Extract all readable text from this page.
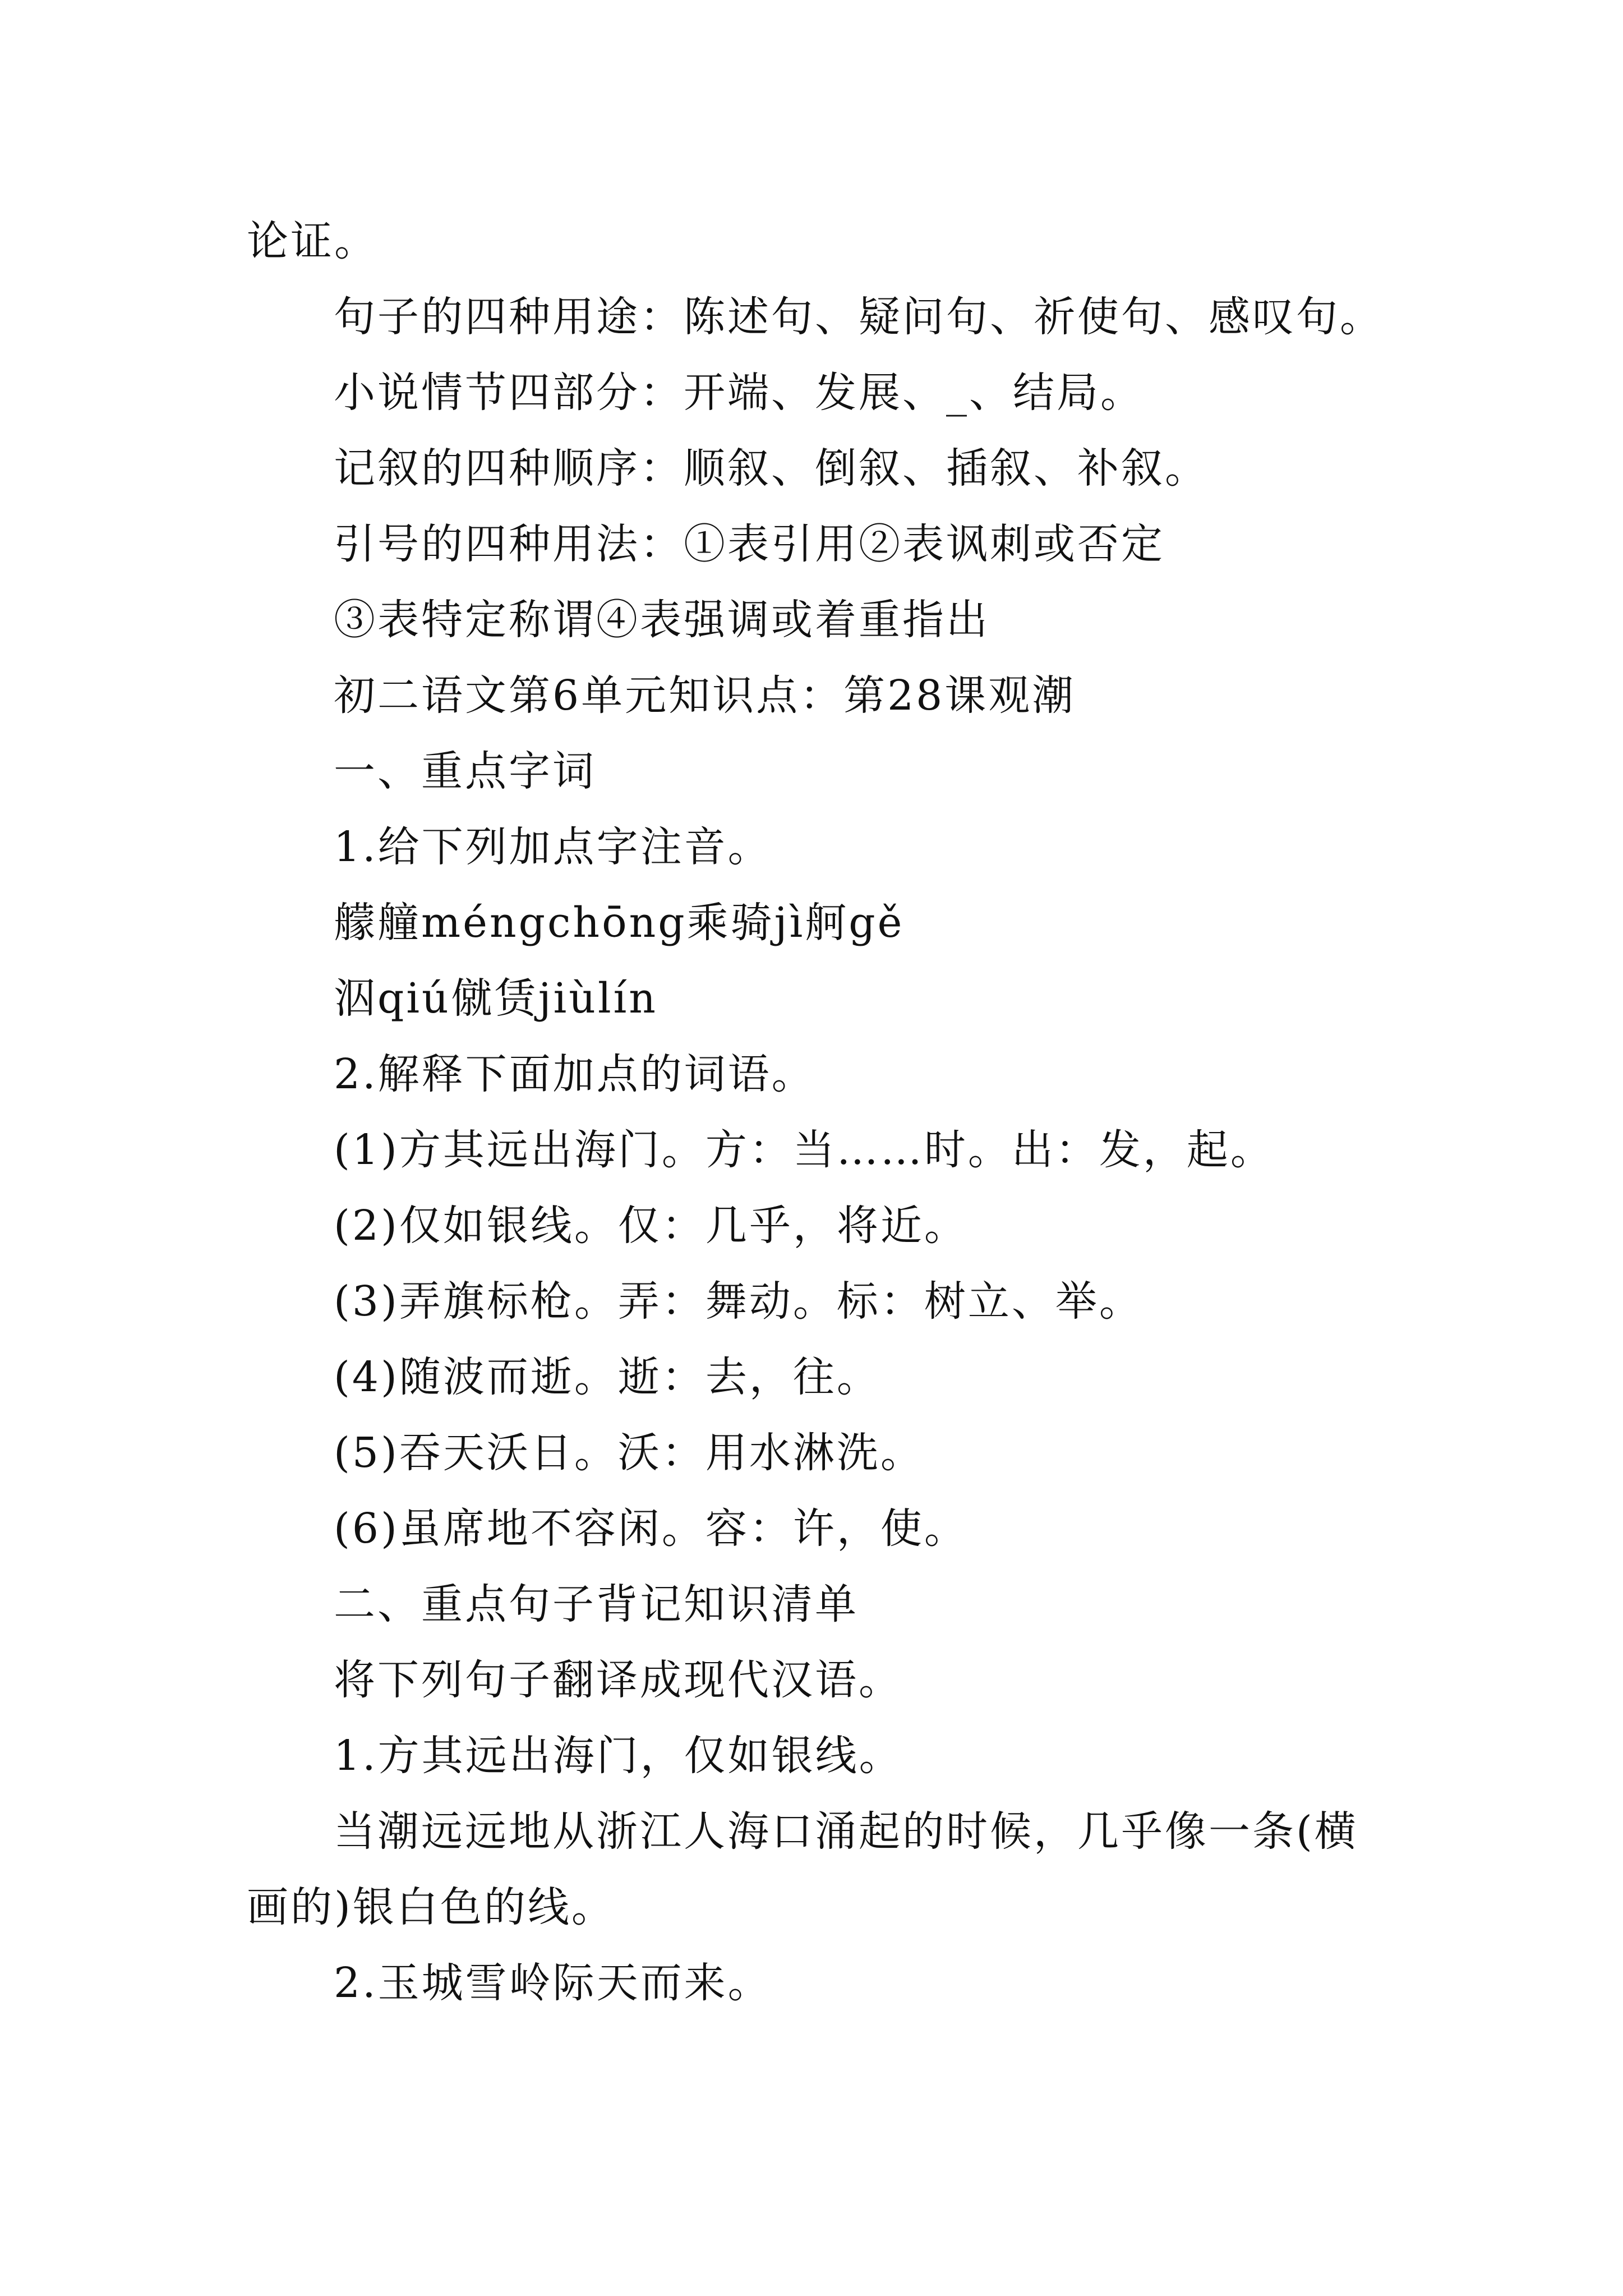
论证。
句子的四种用途：陈述句、疑问句、祈使句、感叹句。
小说情节四部分：开端、发展、_、结局。
记叙的四种顺序：顺叙、倒叙、插叙、补叙。
引号的四种用法：①表引用②表讽刺或否定
③表特定称谓④表强调或着重指出
初二语文第6单元知识点：第28课观潮
一、重点字词
1.给下列加点字注音。
艨艟méngchōng乘骑jì舸gě
泅qiú僦赁jiùlín
2.解释下面加点的词语。
(1)方其远出海门。方：当……时。出：发，起。
(2)仅如银线。仅：几乎，将近。
(3)弄旗标枪。弄：舞动。标：树立、举。
(4)随波而逝。逝：去，往。
(5)吞天沃日。沃：用水淋洗。
(6)虽席地不容闲。容：许，使。
二、重点句子背记知识清单
将下列句子翻译成现代汉语。
1.方其远出海门，仅如银线。
当潮远远地从浙江人海口涌起的时候，几乎像一条(横
画的)银白色的线。
2.玉城雪岭际天而来。
